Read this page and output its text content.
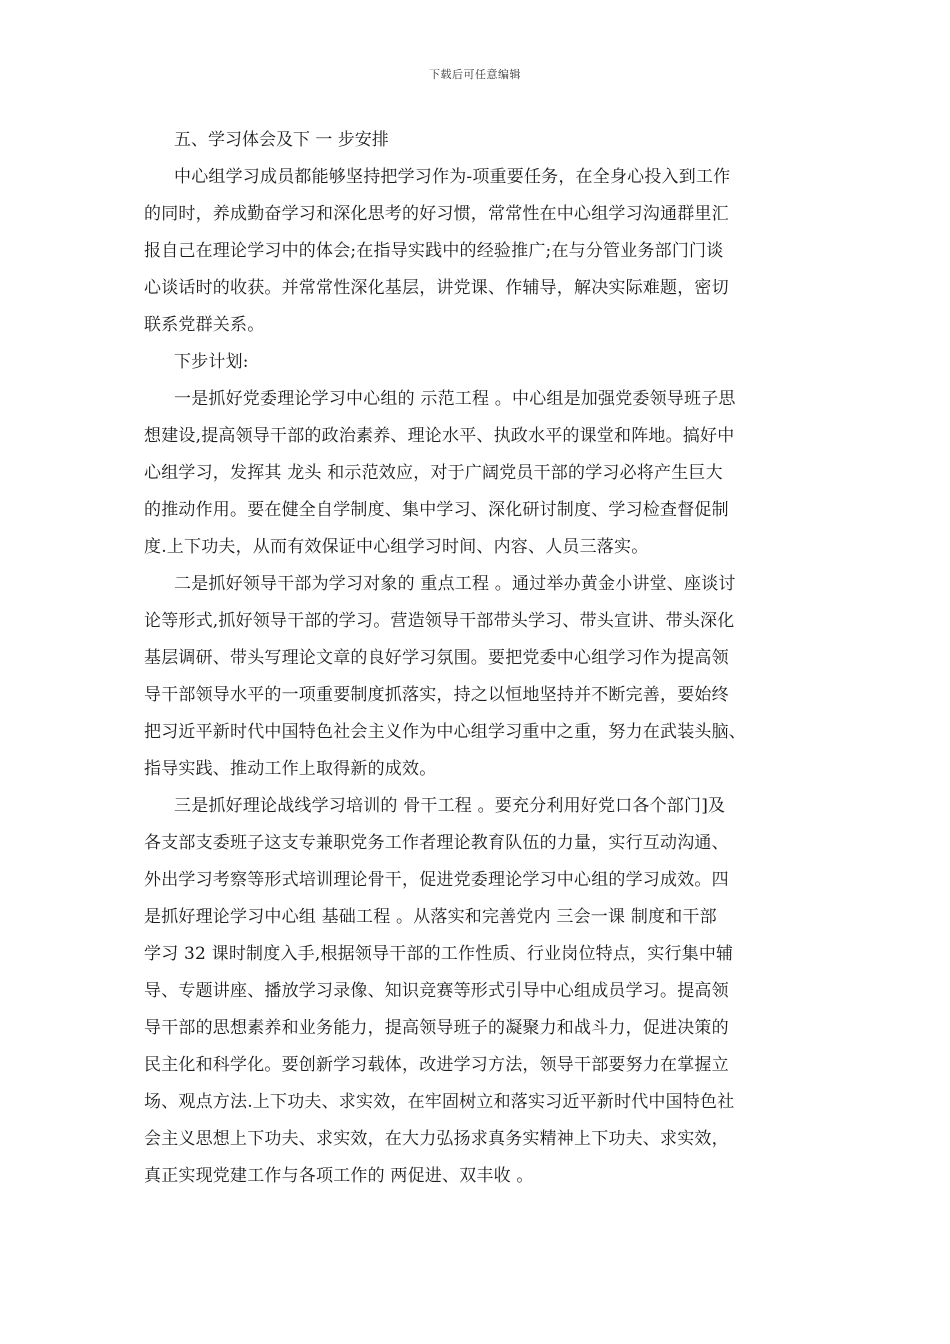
下载后可任意编辑

五、学习体会及下 一 步安排

中心组学习成员都能够坚持把学习作为-项重要任务，在全身心投入到工作

的同时，养成勤奋学习和深化思考的好习惯，常常性在中心组学习沟通群里汇

报自己在理论学习中的体会;在指导实践中的经验推广;在与分管业务部门门谈

心谈话时的收获。并常常性深化基层，讲党课、作辅导，解决实际难题，密切

联系党群关系。

下步计划:

一是抓好党委理论学习中心组的 示范工程 。中心组是加强党委领导班子思

想建设,提高领导干部的政治素养、理论水平、执政水平的课堂和阵地。搞好中

心组学习，发挥其 龙头 和示范效应，对于广阔党员干部的学习必将产生巨大

的推动作用。要在健全自学制度、集中学习、深化研讨制度、学习检查督促制

度.上下功夫，从而有效保证中心组学习时间、内容、人员三落实。

二是抓好领导干部为学习对象的 重点工程 。通过举办黄金小讲堂、座谈讨

论等形式,抓好领导干部的学习。营造领导干部带头学习、带头宣讲、带头深化

基层调研、带头写理论文章的良好学习氛围。要把党委中心组学习作为提高领

导干部领导水平的一项重要制度抓落实，持之以恒地坚持并不断完善，要始终

把习近平新时代中国特色社会主义作为中心组学习重中之重，努力在武装头脑、

指导实践、推动工作上取得新的成效。

三是抓好理论战线学习培训的 骨干工程 。要充分利用好党口各个部门]及

各支部支委班子这支专兼职党务工作者理论教育队伍的力量，实行互动沟通、

外出学习考察等形式培训理论骨干，促进党委理论学习中心组的学习成效。四

是抓好理论学习中心组 基础工程 。从落实和完善党内 三会一课 制度和干部

学习 32 课时制度入手,根据领导干部的工作性质、行业岗位特点，实行集中辅

导、专题讲座、播放学习录像、知识竞赛等形式引导中心组成员学习。提高领

导干部的思想素养和业务能力，提高领导班子的凝聚力和战斗力，促进决策的

民主化和科学化。要创新学习载体，改进学习方法，领导干部要努力在掌握立

场、观点方法.上下功夫、求实效，在牢固树立和落实习近平新时代中国特色社

会主义思想上下功夫、求实效，在大力弘扬求真务实精神上下功夫、求实效，

真正实现党建工作与各项工作的 两促进、双丰收 。
